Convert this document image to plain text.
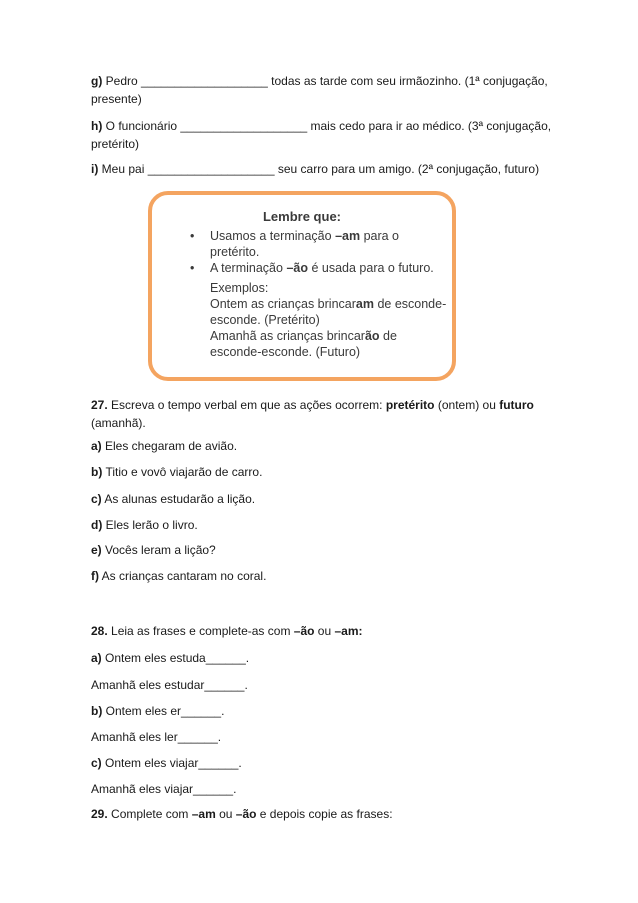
g) Pedro ___________________ todas as tarde com seu irmãozinho. (1ª conjugação, presente)

h) O funcionário ___________________ mais cedo para ir ao médico. (3ª conjugação, pretérito)

i) Meu pai ___________________ seu carro para um amigo. (2ª conjugação, futuro)

Lembre que:
• Usamos a terminação –am para o pretérito.
• A terminação –ão é usada para o futuro.
Exemplos:
Ontem as crianças brincaram de esconde-esconde. (Pretérito)
Amanhã as crianças brincarão de esconde-esconde. (Futuro)

27. Escreva o tempo verbal em que as ações ocorrem: pretérito (ontem) ou futuro (amanhã).

a) Eles chegaram de avião.

b) Titio e vovô viajarão de carro.

c) As alunas estudarão a lição.

d) Eles lerão o livro.

e) Vocês leram a lição?

f) As crianças cantaram no coral.

28. Leia as frases e complete-as com –ão ou –am:

a) Ontem eles estuda______.

Amanhã eles estudar______.

b) Ontem eles er______.

Amanhã eles ler______.

c) Ontem eles viajar______.

Amanhã eles viajar______.

29. Complete com –am ou –ão e depois copie as frases:
